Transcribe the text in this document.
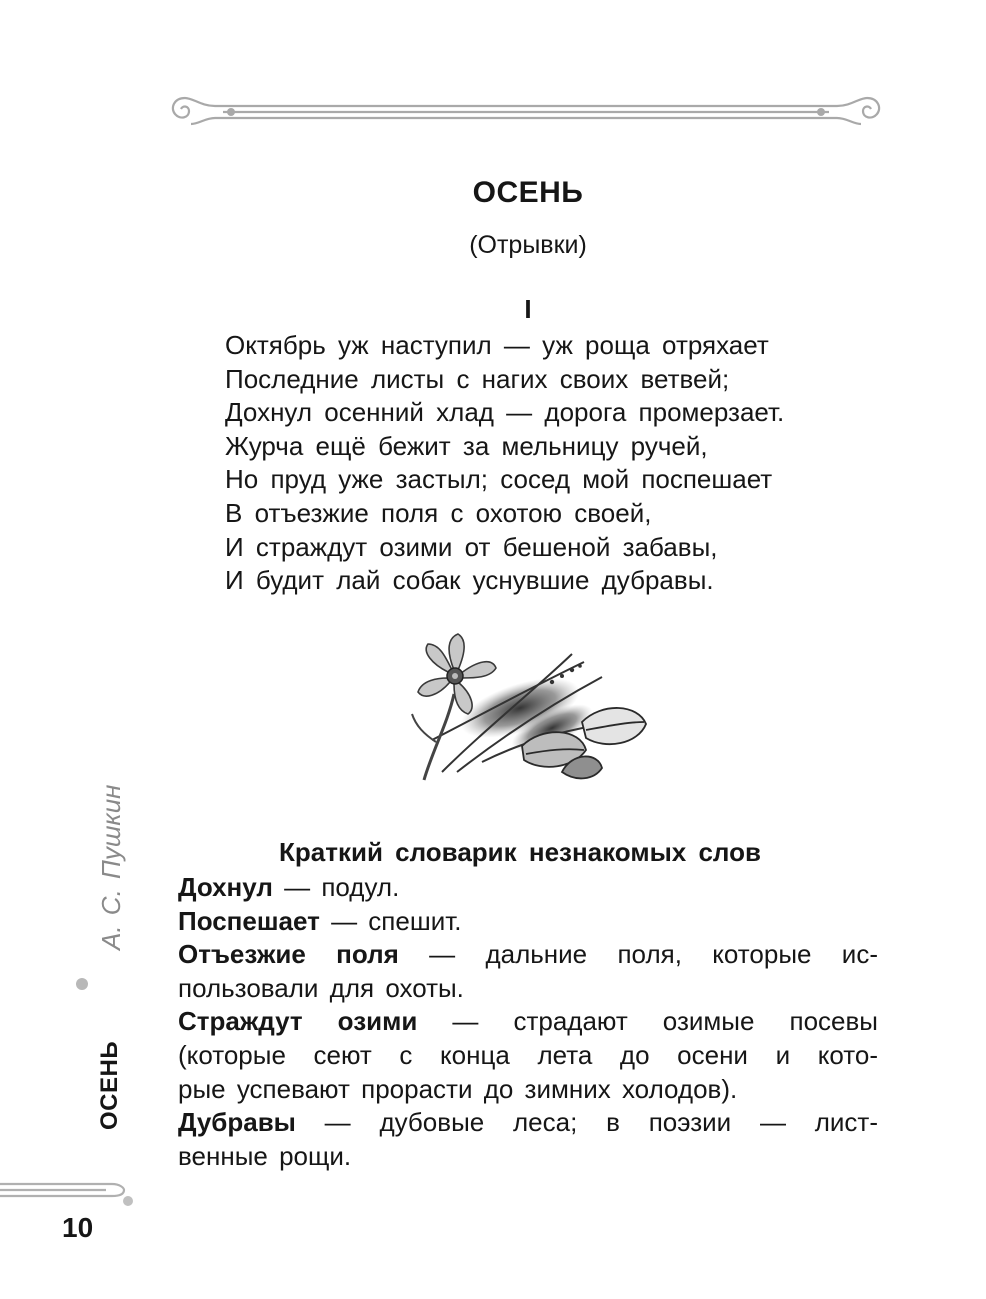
ОСЕНЬ
(Отрывки)
I
Октябрь уж наступил — уж роща отряхает
Последние листы с нагих своих ветвей;
Дохнул осенний хлад — дорога промерзает.
Журча ещё бежит за мельницу ручей,
Но пруд уже застыл; сосед мой поспешает
В отъезжие поля с охотою своей,
И страждут озими от бешеной забавы,
И будит лай собак уснувшие дубравы.
Краткий словарик незнакомых слов
Дохнул — подул.
Поспешает — спешит.
Отъезжие поля — дальние поля, которые ис-
пользовали для охоты.
Страждут озими — страдают озимые посевы
(которые сеют с конца лета до осени и кото-
рые успевают прорасти до зимних холодов).
Дубравы — дубовые леса; в поэзии — лист-
венные рощи.
А. С. Пушкин
ОСЕНЬ
10
